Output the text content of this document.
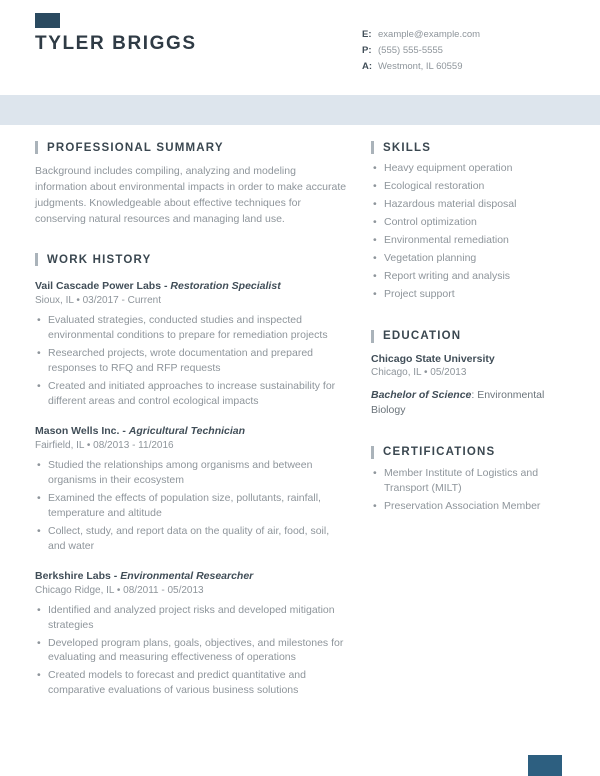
TYLER BRIGGS	E: example@example.com
P: (555) 555-5555
A: Westmont, IL 60559
PROFESSIONAL SUMMARY

Background includes compiling, analyzing and modeling information about environmental impacts in order to make accurate judgments. Knowledgeable about effective techniques for conserving natural resources and managing land use.

WORK HISTORY
Vail Cascade Power Labs - Restoration Specialist

Sioux, IL • 03/2017 - Current

• Evaluated strategies, conducted studies and inspected environmental conditions to prepare for remediation projects
• Researched projects, wrote documentation and prepared responses to RFQ and RFP requests
• Created and initiated approaches to increase sustainability for different areas and control ecological impacts
Mason Wells Inc. - Agricultural Technician

Fairfield, IL • 08/2013 - 11/2016

• Studied the relationships among organisms and between organisms in their ecosystem
• Examined the effects of population size, pollutants, rainfall, temperature and altitude
• Collect, study, and report data on the quality of air, food, soil, and water
Berkshire Labs - Environmental Researcher

Chicago Ridge, IL • 08/2011 - 05/2013

• Identified and analyzed project risks and developed mitigation strategies
• Developed program plans, goals, objectives, and milestones for evaluating and measuring effectiveness of operations
• Created models to forecast and predict quantitative and comparative evaluations of various business solutions
SKILLS
• Heavy equipment operation
• Ecological restoration
• Hazardous material disposal
• Control optimization
• Environmental remediation
• Vegetation planning
• Report writing and analysis
• Project support
EDUCATION

Chicago State University

Chicago, IL • 05/2013

Bachelor of Science: Environmental Biology

CERTIFICATIONS
• Member Institute of Logistics and Transport (MILT)
• Preservation Association Member
